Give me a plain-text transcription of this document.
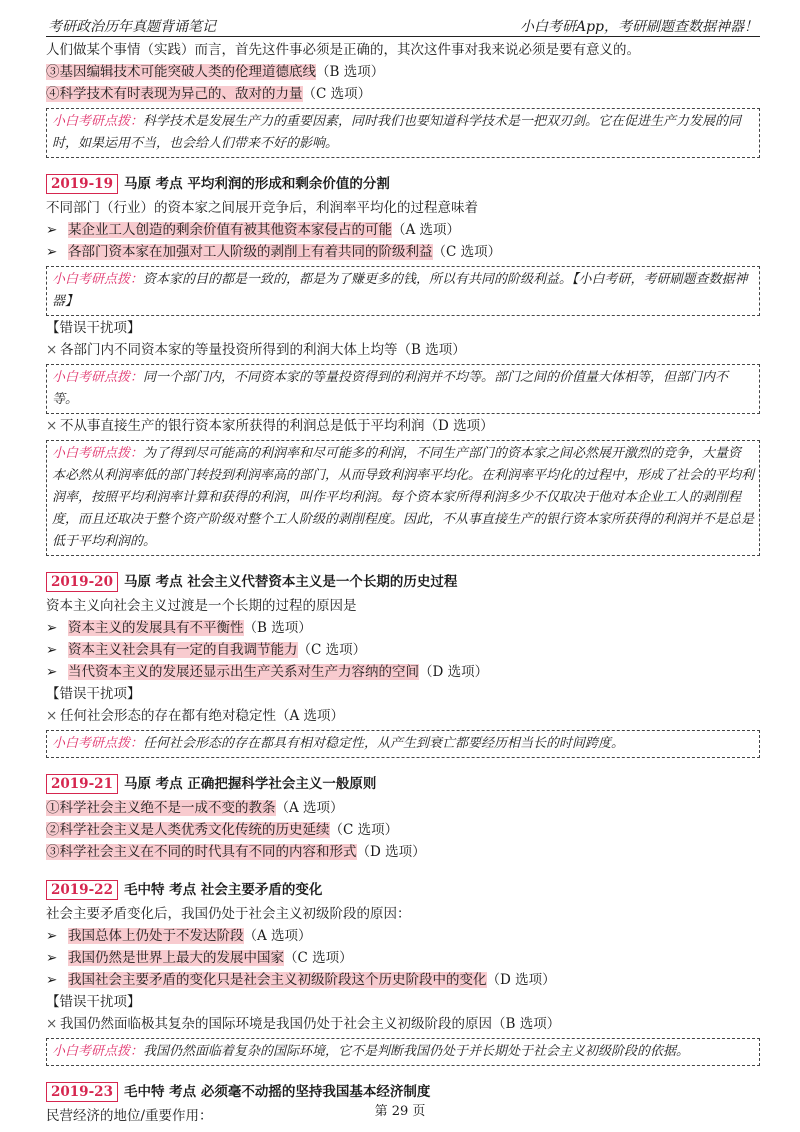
考研政治历年真题背诵笔记	小白考研App，考研刷题查数据神器！
人们做某个事情（实践）而言，首先这件事必须是正确的，其次这件事对我来说必须是要有意义的。
③基因编辑技术可能突破人类的伦理道德底线（B 选项）
④科学技术有时表现为异己的、敌对的力量（C 选项）
小白考研点拨：科学技术是发展生产力的重要因素，同时我们也要知道科学技术是一把双刃剑。它在促进生产力发展的同时，如果运用不当，也会给人们带来不好的影响。
2019-19 马原 考点 平均利润的形成和剩余价值的分割
不同部门（行业）的资本家之间展开竞争后，利润率平均化的过程意味着
➢ 某企业工人创造的剩余价值有被其他资本家侵占的可能（A 选项）
➢ 各部门资本家在加强对工人阶级的剥削上有着共同的阶级利益（C 选项）
小白考研点拨：资本家的目的都是一致的，都是为了赚更多的钱，所以有共同的阶级利益。【小白考研，考研刷题查数据神器】
【错误干扰项】
× 各部门内不同资本家的等量投资所得到的利润大体上均等（B 选项）
小白考研点拨：同一个部门内，不同资本家的等量投资得到的利润并不均等。部门之间的价值量大体相等，但部门内不等。
× 不从事直接生产的银行资本家所获得的利润总是低于平均利润（D 选项）
小白考研点拨：为了得到尽可能高的利润率和尽可能多的利润，不同生产部门的资本家之间必然展开激烈的竞争，大量资本必然从利润率低的部门转投到利润率高的部门，从而导致利润率平均化。在利润率平均化的过程中，形成了社会的平均利润率，按照平均利润率计算和获得的利润，叫作平均利润。每个资本家所得利润多少不仅取决于他对本企业工人的剥削程度，而且还取决于整个资产阶级对整个工人阶级的剥削程度。因此，不从事直接生产的银行资本家所获得的利润并不是总是低于平均利润的。
2019-20 马原 考点 社会主义代替资本主义是一个长期的历史过程
资本主义向社会主义过渡是一个长期的过程的原因是
➢ 资本主义的发展具有不平衡性（B 选项）
➢ 资本主义社会具有一定的自我调节能力（C 选项）
➢ 当代资本主义的发展还显示出生产关系对生产力容纳的空间（D 选项）
【错误干扰项】
× 任何社会形态的存在都有绝对稳定性（A 选项）
小白考研点拨：任何社会形态的存在都具有相对稳定性，从产生到衰亡都要经历相当长的时间跨度。
2019-21 马原 考点 正确把握科学社会主义一般原则
①科学社会主义绝不是一成不变的教条（A 选项）
②科学社会主义是人类优秀文化传统的历史延续（C 选项）
③科学社会主义在不同的时代具有不同的内容和形式（D 选项）
2019-22 毛中特 考点 社会主要矛盾的变化
社会主要矛盾变化后，我国仍处于社会主义初级阶段的原因：
➢ 我国总体上仍处于不发达阶段（A 选项）
➢ 我国仍然是世界上最大的发展中国家（C 选项）
➢ 我国社会主要矛盾的变化只是社会主义初级阶段这个历史阶段中的变化（D 选项）
【错误干扰项】
× 我国仍然面临极其复杂的国际环境是我国仍处于社会主义初级阶段的原因（B 选项）
小白考研点拨：我国仍然面临着复杂的国际环境，它不是判断我国仍处于并长期处于社会主义初级阶段的依据。
2019-23 毛中特 考点 必须毫不动摇的坚持我国基本经济制度
民营经济的地位/重要作用：	第 29 页
